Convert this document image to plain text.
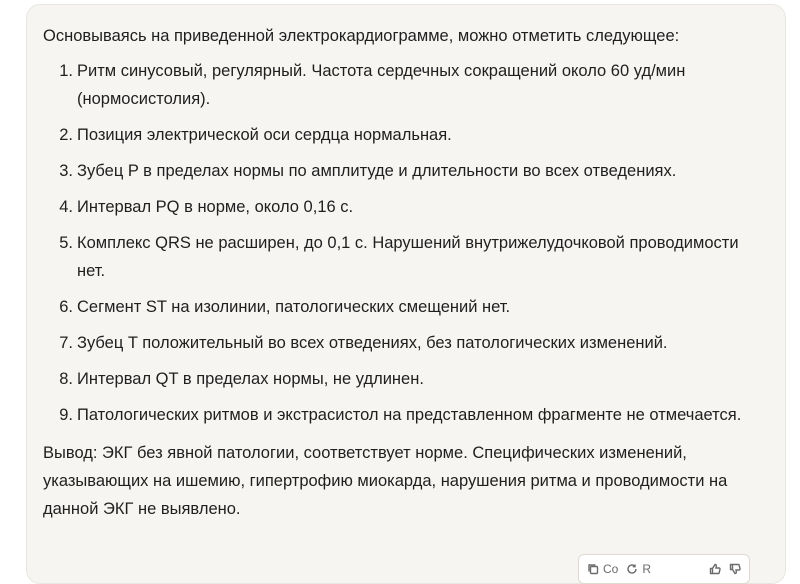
Основываясь на приведенной электрокардиограмме, можно отметить следующее:

1. Ритм синусовый, регулярный. Частота сердечных сокращений около 60 уд/мин (нормосистолия).
2. Позиция электрической оси сердца нормальная.
3. Зубец P в пределах нормы по амплитуде и длительности во всех отведениях.
4. Интервал PQ в норме, около 0,16 с.
5. Комплекс QRS не расширен, до 0,1 с. Нарушений внутрижелудочковой проводимости нет.
6. Сегмент ST на изолинии, патологических смещений нет.
7. Зубец T положительный во всех отведениях, без патологических изменений.
8. Интервал QT в пределах нормы, не удлинен.
9. Патологических ритмов и экстрасистол на представленном фрагменте не отмечается.

Вывод: ЭКГ без явной патологии, соответствует норме. Специфических изменений, указывающих на ишемию, гипертрофию миокарда, нарушения ритма и проводимости на данной ЭКГ не выявлено.

Co R
